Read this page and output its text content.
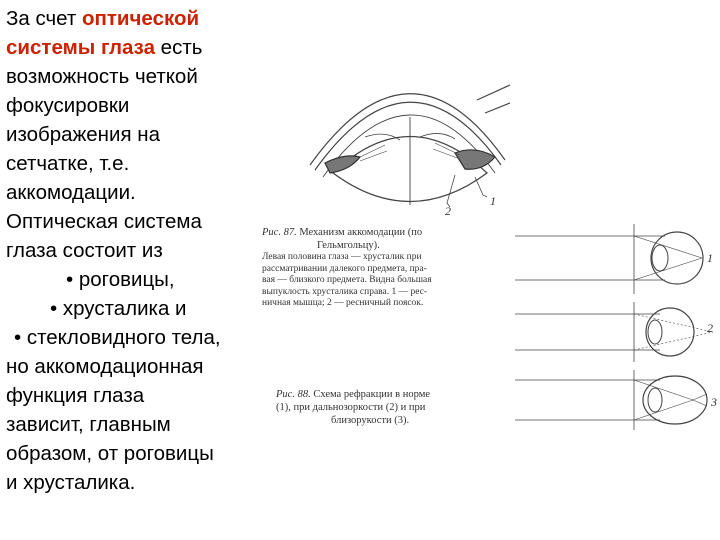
За счет оптической
системы глаза есть
возможность четкой
фокусировки
изображения на
сетчатке, т.е.
аккомодации.
Оптическая система
глаза состоит из
• роговицы,
• хрусталика и
• стекловидного тела,
но аккомодационная
функция глаза
зависит, главным
образом, от роговицы
и хрусталика.
1
2
Рис. 87. Механизм аккомодации (по
Гельмгольцу).
Левая половина глаза — хрусталик при
рассматривании далекого предмета, пра-
вая — близкого предмета. Видна большая
выпуклость хрусталика справа. 1 — рес-
ничная мышца; 2 — ресничный поясок.
2
3
1
Рис. 88. Схема рефракции в норме
(1), при дальнозоркости (2) и при
близорукости (3).
